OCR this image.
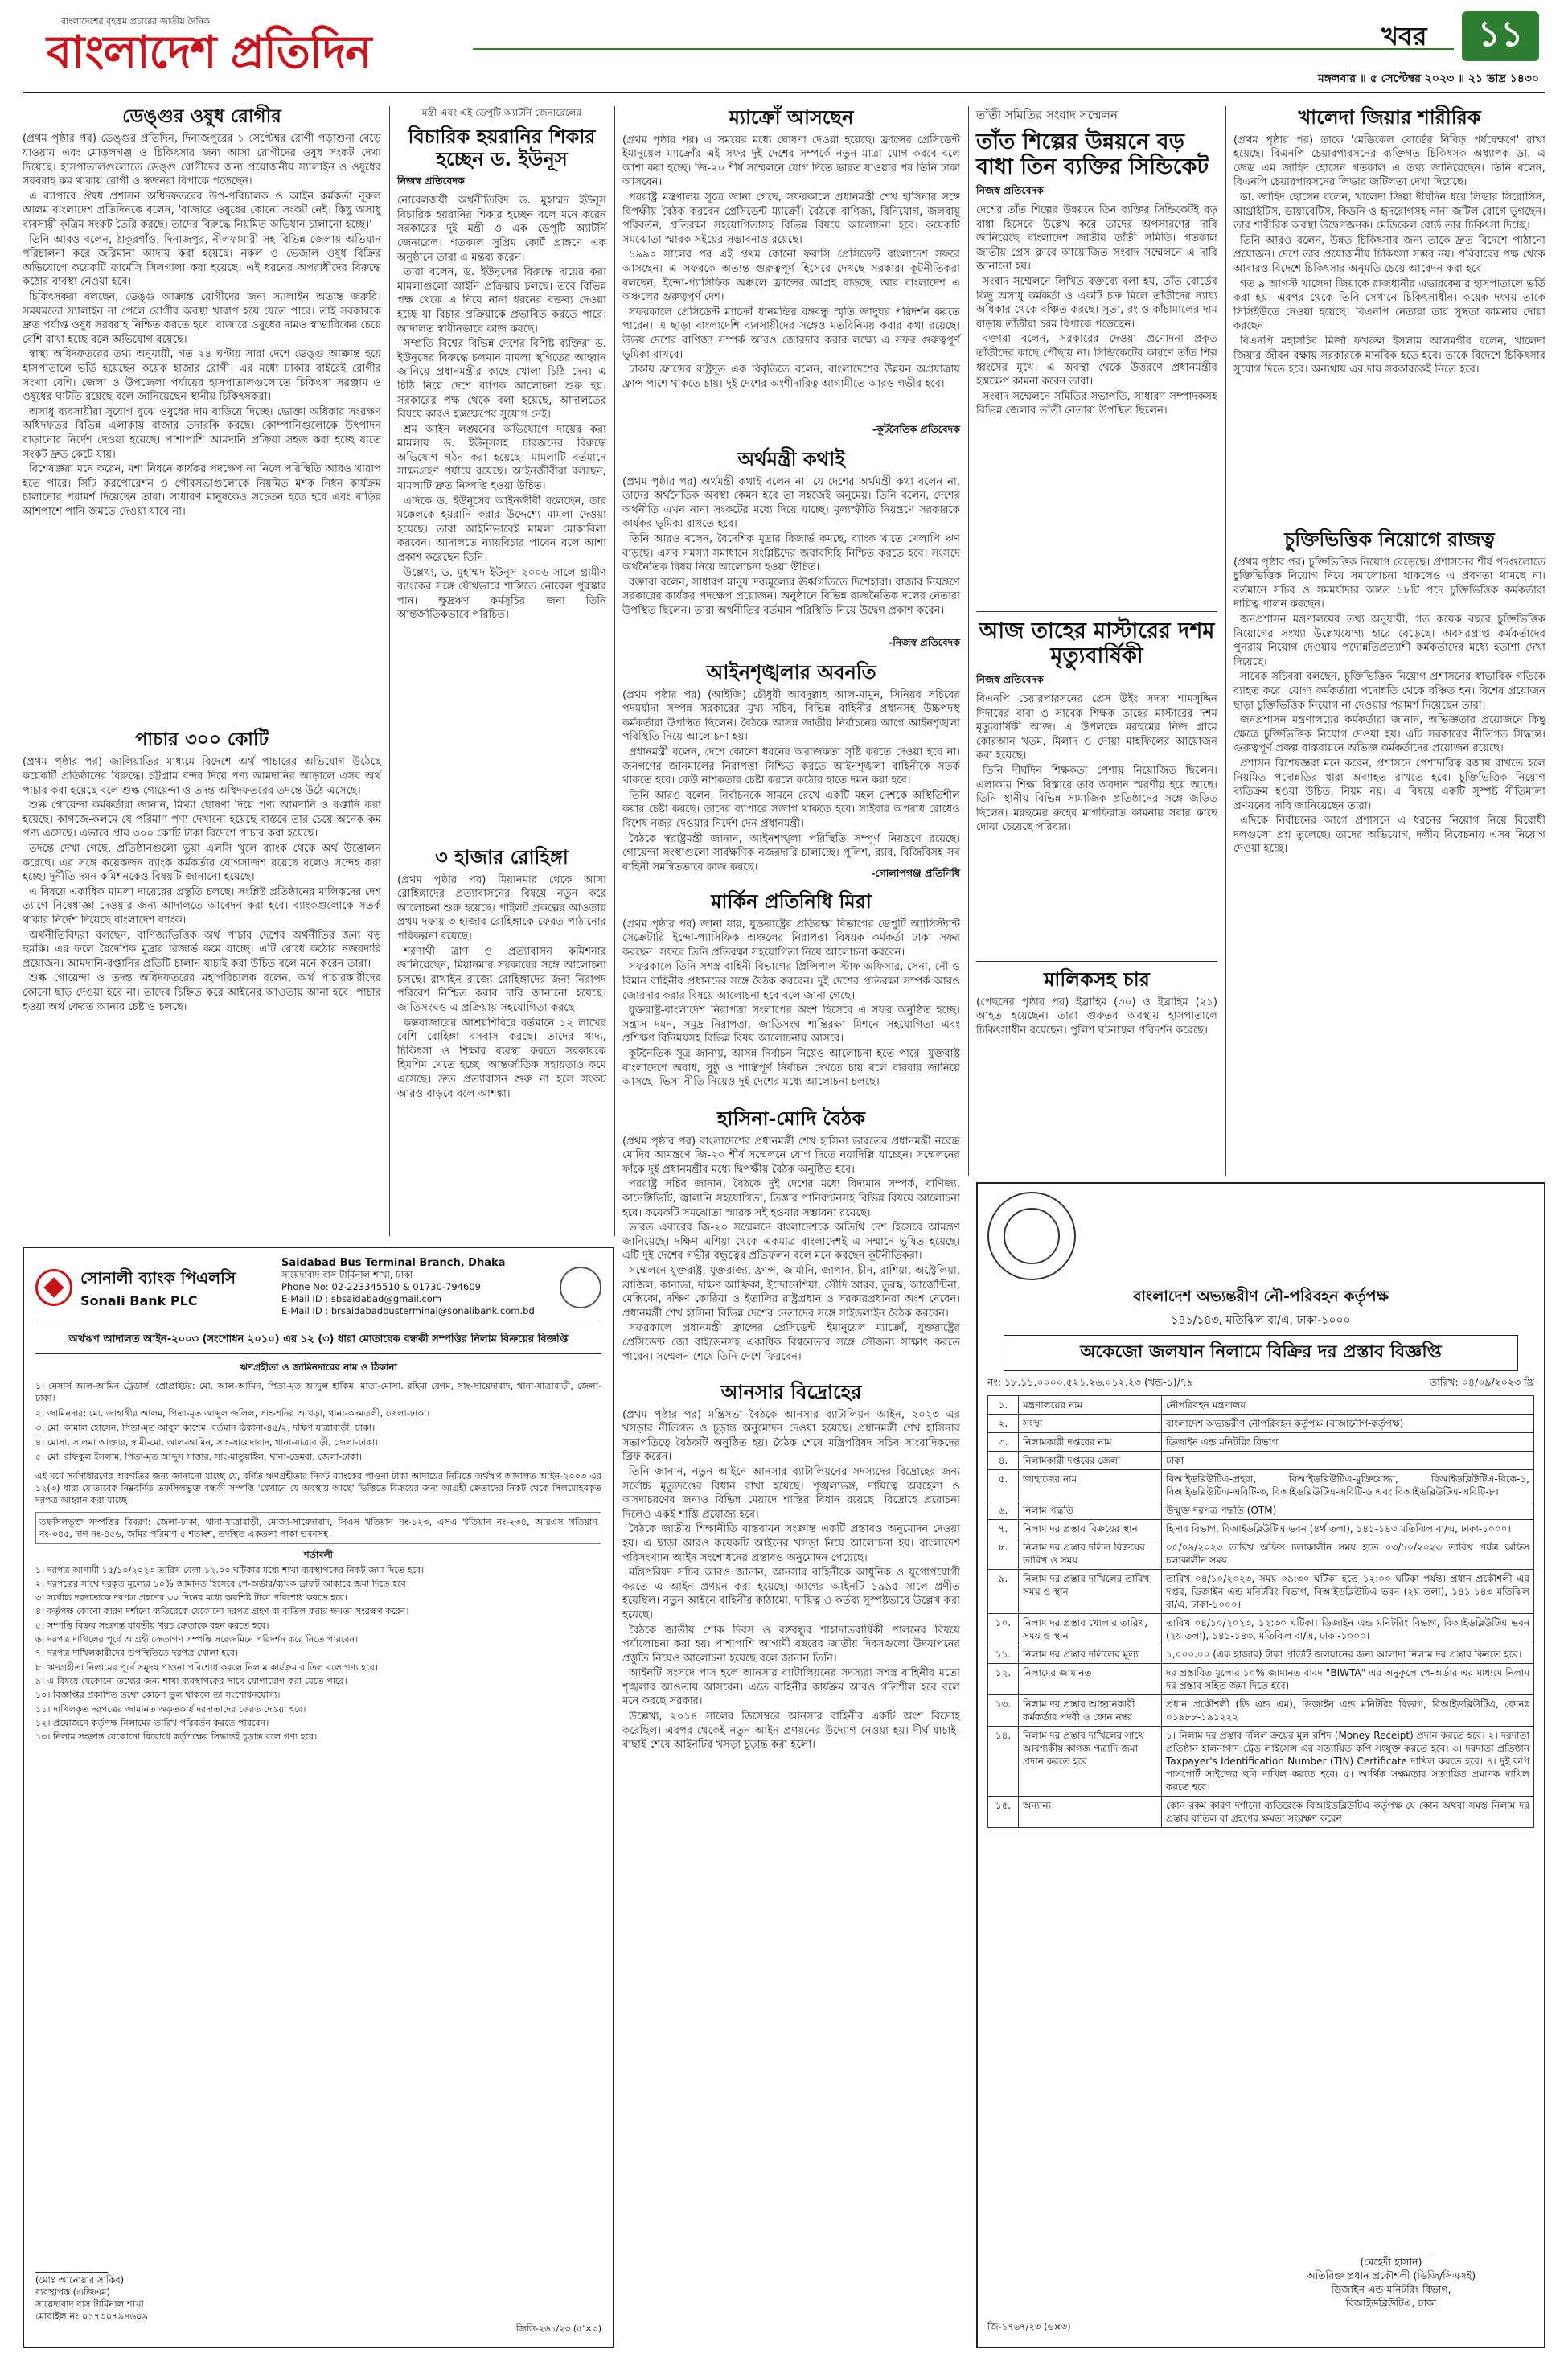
বাংলাদেশের বৃহত্তম প্রচারের জাতীয় দৈনিক
বাংলাদেশ প্রতিদিন	খবর ১১
মঙ্গলবার ॥ ৫ সেপ্টেম্বর ২০২৩ ॥ ২১ ভাদ্র ১৪৩০
ডেঙ্গুর ওষুধ রোগীর

(প্রথম পৃষ্ঠার পর) ডেঙ্গুর প্রতিদিন, দিনাজপুরের ১ সেপ্টেম্বর রোগী পড়াশুনা বেড়ে যাওয়ায় এবং মোড়লগঞ্জ ও চিকিৎসার জন্য আসা রোগীদের ওষুধ সংকট দেখা দিয়েছে। হাসপাতালগুলোতে ডেঙ্গু রোগীদের জন্য প্রয়োজনীয় স্যালাইন ও ওষুধের সরবরাহ কম থাকায় রোগী ও স্বজনরা বিপাকে পড়েছেন।

এ ব্যাপারে ঔষধ প্রশাসন অধিদফতরের উপ-পরিচালক ও আইন কর্মকর্তা নূরুল আলম বাংলাদেশ প্রতিদিনকে বলেন, 'বাজারে ওষুধের কোনো সংকট নেই। কিছু অসাধু ব্যবসায়ী কৃত্রিম সংকট তৈরি করছে। তাদের বিরুদ্ধে নিয়মিত অভিযান চালানো হচ্ছে।'

তিনি আরও বলেন, ঠাকুরগাঁও, দিনাজপুর, নীলফামারী সহ বিভিন্ন জেলায় অভিযান পরিচালনা করে জরিমানা আদায় করা হয়েছে। নকল ও ভেজাল ওষুধ বিক্রির অভিযোগে কয়েকটি ফার্মেসি সিলগালা করা হয়েছে। এই ধরনের অপরাধীদের বিরুদ্ধে কঠোর ব্যবস্থা নেওয়া হবে।

চিকিৎসকরা বলছেন, ডেঙ্গু আক্রান্ত রোগীদের জন্য স্যালাইন অত্যন্ত জরুরি। সময়মতো স্যালাইন না পেলে রোগীর অবস্থা খারাপ হয়ে যেতে পারে। তাই সরকারকে দ্রুত পর্যাপ্ত ওষুধ সরবরাহ নিশ্চিত করতে হবে। বাজারে ওষুধের দামও স্বাভাবিকের চেয়ে বেশি রাখা হচ্ছে বলে অভিযোগ রয়েছে।

স্বাস্থ্য অধিদফতরের তথ্য অনুযায়ী, গত ২৪ ঘণ্টায় সারা দেশে ডেঙ্গু আক্রান্ত হয়ে হাসপাতালে ভর্তি হয়েছেন কয়েক হাজার রোগী। এর মধ্যে ঢাকার বাইরেই রোগীর সংখ্যা বেশি। জেলা ও উপজেলা পর্যায়ের হাসপাতালগুলোতে চিকিৎসা সরঞ্জাম ও ওষুধের ঘাটতি রয়েছে বলে জানিয়েছেন স্থানীয় চিকিৎসকরা।

অসাধু ব্যবসায়ীরা সুযোগ বুঝে ওষুধের দাম বাড়িয়ে দিচ্ছে। ভোক্তা অধিকার সংরক্ষণ অধিদফতর বিভিন্ন এলাকায় বাজার তদারকি করছে। কোম্পানিগুলোকে উৎপাদন বাড়ানোর নির্দেশ দেওয়া হয়েছে। পাশাপাশি আমদানি প্রক্রিয়া সহজ করা হচ্ছে যাতে সংকট দ্রুত কেটে যায়।

বিশেষজ্ঞরা মনে করেন, মশা নিধনে কার্যকর পদক্ষেপ না নিলে পরিস্থিতি আরও খারাপ হতে পারে। সিটি করপোরেশন ও পৌরসভাগুলোকে নিয়মিত মশক নিধন কার্যক্রম চালানোর পরামর্শ দিয়েছেন তারা। সাধারণ মানুষকেও সচেতন হতে হবে এবং বাড়ির আশপাশে পানি জমতে দেওয়া যাবে না।

পাচার ৩০০ কোটি

(প্রথম পৃষ্ঠার পর) জালিয়াতির মাধ্যমে বিদেশে অর্থ পাচারের অভিযোগ উঠেছে কয়েকটি প্রতিষ্ঠানের বিরুদ্ধে। চট্টগ্রাম বন্দর দিয়ে পণ্য আমদানির আড়ালে এসব অর্থ পাচার করা হয়েছে বলে শুল্ক গোয়েন্দা ও তদন্ত অধিদফতরের তদন্তে উঠে এসেছে।

শুল্ক গোয়েন্দা কর্মকর্তারা জানান, মিথ্যা ঘোষণা দিয়ে পণ্য আমদানি ও রপ্তানি করা হয়েছে। কাগজে-কলমে যে পরিমাণ পণ্য দেখানো হয়েছে বাস্তবে তার চেয়ে অনেক কম পণ্য এসেছে। এভাবে প্রায় ৩০০ কোটি টাকা বিদেশে পাচার করা হয়েছে।

তদন্তে দেখা গেছে, প্রতিষ্ঠানগুলো ভুয়া এলসি খুলে ব্যাংক থেকে অর্থ উত্তোলন করেছে। এর সঙ্গে কয়েকজন ব্যাংক কর্মকর্তার যোগসাজশ রয়েছে বলেও সন্দেহ করা হচ্ছে। দুর্নীতি দমন কমিশনকেও বিষয়টি জানানো হয়েছে।

এ বিষয়ে একাধিক মামলা দায়েরের প্রস্তুতি চলছে। সংশ্লিষ্ট প্রতিষ্ঠানের মালিকদের দেশ ত্যাগে নিষেধাজ্ঞা দেওয়ার জন্য আদালতে আবেদন করা হবে। ব্যাংকগুলোকে সতর্ক থাকার নির্দেশ দিয়েছে বাংলাদেশ ব্যাংক।

অর্থনীতিবিদরা বলছেন, বাণিজ্যভিত্তিক অর্থ পাচার দেশের অর্থনীতির জন্য বড় হুমকি। এর ফলে বৈদেশিক মুদ্রার রিজার্ভ কমে যাচ্ছে। এটি রোধে কঠোর নজরদারি প্রয়োজন। আমদানি-রপ্তানির প্রতিটি চালান যাচাই করা উচিত বলে মনে করেন তারা।

শুল্ক গোয়েন্দা ও তদন্ত অধিদফতরের মহাপরিচালক বলেন, অর্থ পাচারকারীদের কোনো ছাড় দেওয়া হবে না। তাদের চিহ্নিত করে আইনের আওতায় আনা হবে। পাচার হওয়া অর্থ ফেরত আনার চেষ্টাও চলছে।

মন্ত্রী এবং এই ডেপুটি অ্যাটর্নি জেনারেলের
বিচারিক হয়রানির শিকার হচ্ছেন ড. ইউনূস
নিজস্ব প্রতিবেদক

নোবেলজয়ী অর্থনীতিবিদ ড. মুহাম্মদ ইউনূস বিচারিক হয়রানির শিকার হচ্ছেন বলে মনে করেন সরকারের দুই মন্ত্রী ও এক ডেপুটি অ্যাটর্নি জেনারেল। গতকাল সুপ্রিম কোর্ট প্রাঙ্গণে এক অনুষ্ঠানে তারা এ মন্তব্য করেন।

তারা বলেন, ড. ইউনূসের বিরুদ্ধে দায়ের করা মামলাগুলো আইনি প্রক্রিয়ায় চলছে। তবে বিভিন্ন পক্ষ থেকে এ নিয়ে নানা ধরনের বক্তব্য দেওয়া হচ্ছে যা বিচার প্রক্রিয়াকে প্রভাবিত করতে পারে। আদালত স্বাধীনভাবে কাজ করছে।

সম্প্রতি বিশ্বের বিভিন্ন দেশের বিশিষ্ট ব্যক্তিরা ড. ইউনূসের বিরুদ্ধে চলমান মামলা স্থগিতের আহ্বান জানিয়ে প্রধানমন্ত্রীর কাছে খোলা চিঠি দেন। এ চিঠি নিয়ে দেশে ব্যাপক আলোচনা শুরু হয়। সরকারের পক্ষ থেকে বলা হয়েছে, আদালতের বিষয়ে কারও হস্তক্ষেপের সুযোগ নেই।

শ্রম আইন লঙ্ঘনের অভিযোগে দায়ের করা মামলায় ড. ইউনূসসহ চারজনের বিরুদ্ধে অভিযোগ গঠন করা হয়েছে। মামলাটি বর্তমানে সাক্ষ্যগ্রহণ পর্যায়ে রয়েছে। আইনজীবীরা বলছেন, মামলাটি দ্রুত নিষ্পত্তি হওয়া উচিত।

এদিকে ড. ইউনূসের আইনজীবী বলেছেন, তার মক্কেলকে হয়রানি করার উদ্দেশ্যে মামলা দেওয়া হয়েছে। তারা আইনিভাবেই মামলা মোকাবিলা করবেন। আদালতে ন্যায়বিচার পাবেন বলে আশা প্রকাশ করেছেন তিনি।

উল্লেখ্য, ড. মুহাম্মদ ইউনূস ২০০৬ সালে গ্রামীণ ব্যাংকের সঙ্গে যৌথভাবে শান্তিতে নোবেল পুরস্কার পান। ক্ষুদ্রঋণ কর্মসূচির জন্য তিনি আন্তর্জাতিকভাবে পরিচিত।

৩ হাজার রোহিঙ্গা

(প্রথম পৃষ্ঠার পর) মিয়ানমার থেকে আসা রোহিঙ্গাদের প্রত্যাবাসনের বিষয়ে নতুন করে আলোচনা শুরু হয়েছে। পাইলট প্রকল্পের আওতায় প্রথম দফায় ৩ হাজার রোহিঙ্গাকে ফেরত পাঠানোর পরিকল্পনা রয়েছে।

শরণার্থী ত্রাণ ও প্রত্যাবাসন কমিশনার জানিয়েছেন, মিয়ানমার সরকারের সঙ্গে আলোচনা চলছে। রাখাইন রাজ্যে রোহিঙ্গাদের জন্য নিরাপদ পরিবেশ নিশ্চিত করার দাবি জানানো হয়েছে। জাতিসংঘও এ প্রক্রিয়ায় সহযোগিতা করছে।

কক্সবাজারের আশ্রয়শিবিরে বর্তমানে ১২ লাখের বেশি রোহিঙ্গা বসবাস করছে। তাদের খাদ্য, চিকিৎসা ও শিক্ষার ব্যবস্থা করতে সরকারকে হিমশিম খেতে হচ্ছে। আন্তর্জাতিক সহায়তাও কমে এসেছে। দ্রুত প্রত্যাবাসন শুরু না হলে সংকট আরও বাড়বে বলে আশঙ্কা।

ম্যাক্রোঁ আসছেন

(প্রথম পৃষ্ঠার পর) এ সময়ের মধ্যে ঘোষণা দেওয়া হয়েছে। ফ্রান্সের প্রেসিডেন্ট ইমানুয়েল ম্যাক্রোঁর এই সফর দুই দেশের সম্পর্কে নতুন মাত্রা যোগ করবে বলে আশা করা হচ্ছে। জি-২০ শীর্ষ সম্মেলনে যোগ দিতে ভারত যাওয়ার পর তিনি ঢাকা আসবেন।

পররাষ্ট্র মন্ত্রণালয় সূত্রে জানা গেছে, সফরকালে প্রধানমন্ত্রী শেখ হাসিনার সঙ্গে দ্বিপক্ষীয় বৈঠক করবেন প্রেসিডেন্ট ম্যাক্রোঁ। বৈঠকে বাণিজ্য, বিনিয়োগ, জলবায়ু পরিবর্তন, প্রতিরক্ষা সহযোগিতাসহ বিভিন্ন বিষয়ে আলোচনা হবে। কয়েকটি সমঝোতা স্মারক সইয়ের সম্ভাবনাও রয়েছে।

১৯৯০ সালের পর এই প্রথম কোনো ফরাসি প্রেসিডেন্ট বাংলাদেশ সফরে আসছেন। এ সফরকে অত্যন্ত গুরুত্বপূর্ণ হিসেবে দেখছে সরকার। কূটনীতিকরা বলছেন, ইন্দো-প্যাসিফিক অঞ্চলে ফ্রান্সের আগ্রহ বাড়ছে, আর বাংলাদেশ এ অঞ্চলের গুরুত্বপূর্ণ দেশ।

সফরকালে প্রেসিডেন্ট ম্যাক্রোঁ ধানমন্ডির বঙ্গবন্ধু স্মৃতি জাদুঘর পরিদর্শন করতে পারেন। এ ছাড়া বাংলাদেশি ব্যবসায়ীদের সঙ্গেও মতবিনিময় করার কথা রয়েছে। উভয় দেশের বাণিজ্য সম্পর্ক আরও জোরদার করার লক্ষ্যে এ সফর গুরুত্বপূর্ণ ভূমিকা রাখবে।

ঢাকায় ফ্রান্সের রাষ্ট্রদূত এক বিবৃতিতে বলেন, বাংলাদেশের উন্নয়ন অগ্রযাত্রায় ফ্রান্স পাশে থাকতে চায়। দুই দেশের অংশীদারিত্ব আগামীতে আরও গভীর হবে।

-কূটনৈতিক প্রতিবেদক
অর্থমন্ত্রী কথাই

(প্রথম পৃষ্ঠার পর) অর্থমন্ত্রী কথাই বলেন না। যে দেশের অর্থমন্ত্রী কথা বলেন না, তাদের অর্থনৈতিক অবস্থা কেমন হবে তা সহজেই অনুমেয়। তিনি বলেন, দেশের অর্থনীতি এখন নানা সংকটের মধ্যে দিয়ে যাচ্ছে। মূল্যস্ফীতি নিয়ন্ত্রণে সরকারকে কার্যকর ভূমিকা রাখতে হবে।

তিনি আরও বলেন, বৈদেশিক মুদ্রার রিজার্ভ কমছে, ব্যাংক খাতে খেলাপি ঋণ বাড়ছে। এসব সমস্যা সমাধানে সংশ্লিষ্টদের জবাবদিহি নিশ্চিত করতে হবে। সংসদে অর্থনৈতিক বিষয় নিয়ে আলোচনা হওয়া উচিত।

বক্তারা বলেন, সাধারণ মানুষ দ্রব্যমূল্যের ঊর্ধ্বগতিতে দিশেহারা। বাজার নিয়ন্ত্রণে সরকারের কার্যকর পদক্ষেপ প্রয়োজন। অনুষ্ঠানে বিভিন্ন রাজনৈতিক দলের নেতারা উপস্থিত ছিলেন। তারা অর্থনীতির বর্তমান পরিস্থিতি নিয়ে উদ্বেগ প্রকাশ করেন।

-নিজস্ব প্রতিবেদক
আইনশৃঙ্খলার অবনতি

(প্রথম পৃষ্ঠার পর) (আইজি) চৌধুরী আবদুল্লাহ আল-মামুন, সিনিয়র সচিবের পদমর্যাদা সম্পন্ন সরকারের মুখ্য সচিব, বিভিন্ন বাহিনীর প্রধানসহ উচ্চপদস্থ কর্মকর্তারা উপস্থিত ছিলেন। বৈঠকে আসন্ন জাতীয় নির্বাচনের আগে আইনশৃঙ্খলা পরিস্থিতি নিয়ে আলোচনা হয়।

প্রধানমন্ত্রী বলেন, দেশে কোনো ধরনের অরাজকতা সৃষ্টি করতে দেওয়া হবে না। জনগণের জানমালের নিরাপত্তা নিশ্চিত করতে আইনশৃঙ্খলা বাহিনীকে সতর্ক থাকতে হবে। কেউ নাশকতার চেষ্টা করলে কঠোর হাতে দমন করা হবে।

তিনি আরও বলেন, নির্বাচনকে সামনে রেখে একটি মহল দেশকে অস্থিতিশীল করার চেষ্টা করছে। তাদের ব্যাপারে সজাগ থাকতে হবে। সাইবার অপরাধ রোধেও বিশেষ নজর দেওয়ার নির্দেশ দেন প্রধানমন্ত্রী।

বৈঠকে স্বরাষ্ট্রমন্ত্রী জানান, আইনশৃঙ্খলা পরিস্থিতি সম্পূর্ণ নিয়ন্ত্রণে রয়েছে। গোয়েন্দা সংস্থাগুলো সার্বক্ষণিক নজরদারি চালাচ্ছে। পুলিশ, র‍্যাব, বিজিবিসহ সব বাহিনী সমন্বিতভাবে কাজ করছে।	-গোলাপগঞ্জ প্রতিনিধি
মার্কিন প্রতিনিধি মিরা

(প্রথম পৃষ্ঠার পর) জানা যায়, যুক্তরাষ্ট্রের প্রতিরক্ষা বিভাগের ডেপুটি অ্যাসিস্ট্যান্ট সেক্রেটারি ইন্দো-প্যাসিফিক অঞ্চলের নিরাপত্তা বিষয়ক কর্মকর্তা ঢাকা সফর করছেন। সফরে তিনি প্রতিরক্ষা সহযোগিতা নিয়ে আলোচনা করবেন।

সফরকালে তিনি সশস্ত্র বাহিনী বিভাগের প্রিন্সিপাল স্টাফ অফিসার, সেনা, নৌ ও বিমান বাহিনীর প্রধানদের সঙ্গে বৈঠক করবেন। দুই দেশের প্রতিরক্ষা সম্পর্ক আরও জোরদার করার বিষয়ে আলোচনা হবে বলে জানা গেছে।

যুক্তরাষ্ট্র-বাংলাদেশ নিরাপত্তা সংলাপের অংশ হিসেবে এ সফর অনুষ্ঠিত হচ্ছে। সন্ত্রাস দমন, সমুদ্র নিরাপত্তা, জাতিসংঘ শান্তিরক্ষা মিশনে সহযোগিতা এবং প্রশিক্ষণ বিনিময়সহ বিভিন্ন বিষয় আলোচনায় আসবে।

কূটনৈতিক সূত্র জানায়, আসন্ন নির্বাচন নিয়েও আলোচনা হতে পারে। যুক্তরাষ্ট্র বাংলাদেশে অবাধ, সুষ্ঠু ও শান্তিপূর্ণ নির্বাচন দেখতে চায় বলে বারবার জানিয়ে আসছে। ভিসা নীতি নিয়েও দুই দেশের মধ্যে আলোচনা চলছে।

হাসিনা-মোদি বৈঠক

(প্রথম পৃষ্ঠার পর) বাংলাদেশের প্রধানমন্ত্রী শেখ হাসিনা ভারতের প্রধানমন্ত্রী নরেন্দ্র মোদির আমন্ত্রণে জি-২০ শীর্ষ সম্মেলনে যোগ দিতে নয়াদিল্লি যাচ্ছেন। সম্মেলনের ফাঁকে দুই প্রধানমন্ত্রীর মধ্যে দ্বিপক্ষীয় বৈঠক অনুষ্ঠিত হবে।

পররাষ্ট্র সচিব জানান, বৈঠকে দুই দেশের মধ্যে বিদ্যমান সম্পর্ক, বাণিজ্য, কানেক্টিভিটি, জ্বালানি সহযোগিতা, তিস্তার পানিবণ্টনসহ বিভিন্ন বিষয়ে আলোচনা হবে। কয়েকটি সমঝোতা স্মারক সই হওয়ার সম্ভাবনা রয়েছে।

ভারত এবারের জি-২০ সম্মেলনে বাংলাদেশকে অতিথি দেশ হিসেবে আমন্ত্রণ জানিয়েছে। দক্ষিণ এশিয়া থেকে একমাত্র বাংলাদেশই এ সম্মানে ভূষিত হয়েছে। এটি দুই দেশের গভীর বন্ধুত্বের প্রতিফলন বলে মনে করছেন কূটনীতিকরা।

সম্মেলনে যুক্তরাষ্ট্র, যুক্তরাজ্য, ফ্রান্স, জার্মানি, জাপান, চীন, রাশিয়া, অস্ট্রেলিয়া, ব্রাজিল, কানাডা, দক্ষিণ আফ্রিকা, ইন্দোনেশিয়া, সৌদি আরব, তুরস্ক, আর্জেন্টিনা, মেক্সিকো, দক্ষিণ কোরিয়া ও ইতালির রাষ্ট্রপ্রধান ও সরকারপ্রধানরা অংশ নেবেন। প্রধানমন্ত্রী শেখ হাসিনা বিভিন্ন দেশের নেতাদের সঙ্গে সাইডলাইন বৈঠক করবেন।

সফরকালে প্রধানমন্ত্রী ফ্রান্সের প্রেসিডেন্ট ইমানুয়েল ম্যাক্রোঁ, যুক্তরাষ্ট্রের প্রেসিডেন্ট জো বাইডেনসহ একাধিক বিশ্বনেতার সঙ্গে সৌজন্য সাক্ষাৎ করতে পারেন। সম্মেলন শেষে তিনি দেশে ফিরবেন।

আনসার বিদ্রোহের

(প্রথম পৃষ্ঠার পর) মন্ত্রিসভা বৈঠকে আনসার ব্যাটালিয়ন আইন, ২০২৩ এর খসড়ার নীতিগত ও চূড়ান্ত অনুমোদন দেওয়া হয়েছে। প্রধানমন্ত্রী শেখ হাসিনার সভাপতিত্বে বৈঠকটি অনুষ্ঠিত হয়। বৈঠক শেষে মন্ত্রিপরিষদ সচিব সাংবাদিকদের ব্রিফ করেন।

তিনি জানান, নতুন আইনে আনসার ব্যাটালিয়নের সদস্যদের বিদ্রোহের জন্য সর্বোচ্চ মৃত্যুদণ্ডের বিধান রাখা হয়েছে। শৃঙ্খলাভঙ্গ, দায়িত্বে অবহেলা ও অসদাচরণের জন্যও বিভিন্ন মেয়াদে শাস্তির বিধান রয়েছে। বিদ্রোহে প্ররোচনা দিলেও একই শাস্তি প্রযোজ্য হবে।

বৈঠকে জাতীয় শিক্ষানীতি বাস্তবায়ন সংক্রান্ত একটি প্রস্তাবও অনুমোদন দেওয়া হয়। এ ছাড়া আরও কয়েকটি আইনের খসড়া নিয়ে আলোচনা হয়। বাংলাদেশ পরিসংখ্যান আইন সংশোধনের প্রস্তাবও অনুমোদন পেয়েছে।

মন্ত্রিপরিষদ সচিব আরও জানান, আনসার বাহিনীকে আধুনিক ও যুগোপযোগী করতে এ আইন প্রণয়ন করা হয়েছে। আগের আইনটি ১৯৯৫ সালে প্রণীত হয়েছিল। নতুন আইনে বাহিনীর কাঠামো, দায়িত্ব ও কর্তব্য সুস্পষ্টভাবে উল্লেখ করা হয়েছে।

বৈঠকে জাতীয় শোক দিবস ও বঙ্গবন্ধুর শাহাদাতবার্ষিকী পালনের বিষয়ে পর্যালোচনা করা হয়। পাশাপাশি আগামী বছরের জাতীয় দিবসগুলো উদযাপনের প্রস্তুতি নিয়েও আলোচনা হয়েছে বলে জানান তিনি।

আইনটি সংসদে পাস হলে আনসার ব্যাটালিয়নের সদস্যরা সশস্ত্র বাহিনীর মতো শৃঙ্খলার আওতায় আসবেন। এতে বাহিনীর কার্যক্রম আরও গতিশীল হবে বলে মনে করছে সরকার।

উল্লেখ্য, ২০১৪ সালের ডিসেম্বরে আনসার বাহিনীর একটি অংশ বিদ্রোহ করেছিল। এরপর থেকেই নতুন আইন প্রণয়নের উদ্যোগ নেওয়া হয়। দীর্ঘ যাচাই-বাছাই শেষে আইনটির খসড়া চূড়ান্ত করা হলো।

তাঁতী সমিতির সংবাদ সম্মেলন
তাঁত শিল্পের উন্নয়নে বড় বাধা তিন ব্যক্তির সিন্ডিকেট
নিজস্ব প্রতিবেদক

দেশের তাঁত শিল্পের উন্নয়নে তিন ব্যক্তির সিন্ডিকেটই বড় বাধা হিসেবে উল্লেখ করে তাদের অপসারণের দাবি জানিয়েছে বাংলাদেশ জাতীয় তাঁতী সমিতি। গতকাল জাতীয় প্রেস ক্লাবে আয়োজিত সংবাদ সম্মেলনে এ দাবি জানানো হয়।

সংবাদ সম্মেলনে লিখিত বক্তব্যে বলা হয়, তাঁত বোর্ডের কিছু অসাধু কর্মকর্তা ও একটি চক্র মিলে তাঁতীদের ন্যায্য অধিকার থেকে বঞ্চিত করছে। সুতা, রং ও কাঁচামালের দাম বাড়ায় তাঁতীরা চরম বিপাকে পড়েছেন।

বক্তারা বলেন, সরকারের দেওয়া প্রণোদনা প্রকৃত তাঁতীদের কাছে পৌঁছায় না। সিন্ডিকেটের কারণে তাঁত শিল্প ধ্বংসের মুখে। এ অবস্থা থেকে উত্তরণে প্রধানমন্ত্রীর হস্তক্ষেপ কামনা করেন তারা।

সংবাদ সম্মেলনে সমিতির সভাপতি, সাধারণ সম্পাদকসহ বিভিন্ন জেলার তাঁতী নেতারা উপস্থিত ছিলেন।

আজ তাহের মাস্টারের দশম মৃত্যুবার্ষিকী
নিজস্ব প্রতিবেদক

বিএনপি চেয়ারপারসনের প্রেস উইং সদস্য শামসুদ্দিন দিদারের বাবা ও সাবেক শিক্ষক তাহের মাস্টারের দশম মৃত্যুবার্ষিকী আজ। এ উপলক্ষে মরহুমের নিজ গ্রামে কোরআন খতম, মিলাদ ও দোয়া মাহফিলের আয়োজন করা হয়েছে।

তিনি দীর্ঘদিন শিক্ষকতা পেশায় নিয়োজিত ছিলেন। এলাকায় শিক্ষা বিস্তারে তার অবদান স্মরণীয় হয়ে আছে। তিনি স্থানীয় বিভিন্ন সামাজিক প্রতিষ্ঠানের সঙ্গে জড়িত ছিলেন। মরহুমের রুহের মাগফিরাত কামনায় সবার কাছে দোয়া চেয়েছে পরিবার।

মালিকসহ চার

(পেছনের পৃষ্ঠার পর) ইব্রাহিম (৩০) ও ইব্রাহিম (২১) আহত হয়েছেন। তারা গুরুতর অবস্থায় হাসপাতালে চিকিৎসাধীন রয়েছেন। পুলিশ ঘটনাস্থল পরিদর্শন করেছে।

খালেদা জিয়ার শারীরিক

(প্রথম পৃষ্ঠার পর) তাকে 'মেডিকেল বোর্ডের নিবিড় পর্যবেক্ষণে' রাখা হয়েছে। বিএনপি চেয়ারপারসনের ব্যক্তিগত চিকিৎসক অধ্যাপক ডা. এ জেড এম জাহিদ হোসেন গতকাল এ তথ্য জানিয়েছেন। তিনি বলেন, বিএনপি চেয়ারপারসনের লিভার জটিলতা দেখা দিয়েছে।

ডা. জাহিদ হোসেন বলেন, খালেদা জিয়া দীর্ঘদিন ধরে লিভার সিরোসিস, আর্থ্রাইটিস, ডায়াবেটিস, কিডনি ও হৃদরোগসহ নানা জটিল রোগে ভুগছেন। তার শারীরিক অবস্থা উদ্বেগজনক। মেডিকেল বোর্ড তার চিকিৎসা দিচ্ছে।

তিনি আরও বলেন, উন্নত চিকিৎসার জন্য তাকে দ্রুত বিদেশে পাঠানো প্রয়োজন। দেশে তার প্রয়োজনীয় চিকিৎসা সম্ভব নয়। পরিবারের পক্ষ থেকে আবারও বিদেশে চিকিৎসার অনুমতি চেয়ে আবেদন করা হবে।

গত ৯ আগস্ট খালেদা জিয়াকে রাজধানীর এভারকেয়ার হাসপাতালে ভর্তি করা হয়। এরপর থেকে তিনি সেখানে চিকিৎসাধীন। কয়েক দফায় তাকে সিসিইউতে নেওয়া হয়েছে। বিএনপি নেতারা তার সুস্থতা কামনায় দোয়া করছেন।

বিএনপি মহাসচিব মির্জা ফখরুল ইসলাম আলমগীর বলেন, খালেদা জিয়ার জীবন রক্ষায় সরকারকে মানবিক হতে হবে। তাকে বিদেশে চিকিৎসার সুযোগ দিতে হবে। অন্যথায় এর দায় সরকারকেই নিতে হবে।

চুক্তিভিত্তিক নিয়োগে রাজত্ব

(প্রথম পৃষ্ঠার পর) চুক্তিভিত্তিক নিয়োগ বেড়েছে। প্রশাসনের শীর্ষ পদগুলোতে চুক্তিভিত্তিক নিয়োগ নিয়ে সমালোচনা থাকলেও এ প্রবণতা থামছে না। বর্তমানে সচিব ও সমমর্যাদার অন্তত ১৮টি পদে চুক্তিভিত্তিক কর্মকর্তারা দায়িত্ব পালন করছেন।

জনপ্রশাসন মন্ত্রণালয়ের তথ্য অনুযায়ী, গত কয়েক বছরে চুক্তিভিত্তিক নিয়োগের সংখ্যা উল্লেখযোগ্য হারে বেড়েছে। অবসরপ্রাপ্ত কর্মকর্তাদের পুনরায় নিয়োগ দেওয়ায় পদোন্নতিপ্রত্যাশী কর্মকর্তাদের মধ্যে হতাশা দেখা দিয়েছে।

সাবেক সচিবরা বলছেন, চুক্তিভিত্তিক নিয়োগ প্রশাসনের স্বাভাবিক গতিকে ব্যাহত করে। যোগ্য কর্মকর্তারা পদোন্নতি থেকে বঞ্চিত হন। বিশেষ প্রয়োজন ছাড়া চুক্তিভিত্তিক নিয়োগ না দেওয়ার পরামর্শ দিয়েছেন তারা।

জনপ্রশাসন মন্ত্রণালয়ের কর্মকর্তারা জানান, অভিজ্ঞতার প্রয়োজনে কিছু ক্ষেত্রে চুক্তিভিত্তিক নিয়োগ দেওয়া হয়। এটি সরকারের নীতিগত সিদ্ধান্ত। গুরুত্বপূর্ণ প্রকল্প বাস্তবায়নে অভিজ্ঞ কর্মকর্তাদের প্রয়োজন রয়েছে।

প্রশাসন বিশেষজ্ঞরা মনে করেন, প্রশাসনে পেশাদারিত্ব বজায় রাখতে হলে নিয়মিত পদোন্নতির ধারা অব্যাহত রাখতে হবে। চুক্তিভিত্তিক নিয়োগ ব্যতিক্রম হওয়া উচিত, নিয়ম নয়। এ বিষয়ে একটি সুস্পষ্ট নীতিমালা প্রণয়নের দাবি জানিয়েছেন তারা।

এদিকে নির্বাচনের আগে প্রশাসনে এ ধরনের নিয়োগ নিয়ে বিরোধী দলগুলো প্রশ্ন তুলেছে। তাদের অভিযোগ, দলীয় বিবেচনায় এসব নিয়োগ দেওয়া হচ্ছে।

সোনালী ব্যাংক পিএলসি
Sonali Bank PLC
Saidabad Bus Terminal Branch, Dhaka
সায়েদাবাদ বাস টার্মিনাল শাখা, ঢাকা
Phone No: 02-223345510 & 01730-794609
E-Mail ID : sbsaidabad@gmail.com
E-Mail ID : brsaidabadbusterminal@sonalibank.com.bd
অর্থঋণ আদালত আইন-২০০৩ (সংশোধন ২০১০) এর ১২ (৩) ধারা মোতাবেক বন্ধকী সম্পত্তির নিলাম বিক্রয়ের বিজ্ঞপ্তি
ঋণগ্রহীতা ও জামিনদারের নাম ও ঠিকানা

১। মেসার্স আল-আমিন ট্রেডার্স, প্রোপ্রাইটর: মো. আল-আমিন, পিতা-মৃত আব্দুল হাকিম, মাতা-মোসা. রহিমা বেগম, সাং-সায়েদাবাদ, থানা-যাত্রাবাড়ী, জেলা-ঢাকা।

২। জামিনদার: মো. জাহাঙ্গীর আলম, পিতা-মৃত আব্দুল জলিল, সাং-শনির আখড়া, থানা-কদমতলী, জেলা-ঢাকা।

৩। মো. কামাল হোসেন, পিতা-মৃত আবুল কাশেম, বর্তমান ঠিকানা-৪৫/২, দক্ষিণ যাত্রাবাড়ী, ঢাকা।

৪। মোসা. সালমা আক্তার, স্বামী-মো. আল-আমিন, সাং-সায়েদাবাদ, থানা-যাত্রাবাড়ী, জেলা-ঢাকা।

৫। মো. রফিকুল ইসলাম, পিতা-মৃত আব্দুস সাত্তার, সাং-মাতুয়াইল, থানা-ডেমরা, জেলা-ঢাকা।

এই মর্মে সর্বসাধারণের অবগতির জন্য জানানো যাচ্ছে যে, বর্ণিত ঋণগ্রহীতার নিকট ব্যাংকের পাওনা টাকা আদায়ের নিমিত্তে অর্থঋণ আদালত আইন-২০০৩ এর ১২(৩) ধারা মোতাবেক নিম্নবর্ণিত তফসিলভুক্ত বন্ধকী সম্পত্তি 'যেখানে যে অবস্থায় আছে' ভিত্তিতে বিক্রয়ের জন্য আগ্রহী ক্রেতাদের নিকট থেকে সিলমোহরকৃত দরপত্র আহ্বান করা যাচ্ছে।

তফসিলভুক্ত সম্পত্তির বিবরণ: জেলা-ঢাকা, থানা-যাত্রাবাড়ী, মৌজা-সায়েদাবাদ, সিএস খতিয়ান নং-১২৩, এসএ খতিয়ান নং-২৩৪, আরএস খতিয়ান নং-৩৪৫, দাগ নং-৪৫৬, জমির পরিমাণ ৫ শতাংশ, তদস্থিত একতলা পাকা ভবনসহ।

শর্তাবলী

১। দরপত্র আগামী ১৫/১০/২০২৩ তারিখ বেলা ১২.০০ ঘটিকার মধ্যে শাখা ব্যবস্থাপকের নিকট জমা দিতে হবে।

২। দরপত্রের সাথে দরকৃত মূল্যের ১০% জামানত হিসেবে পে-অর্ডার/ব্যাংক ড্রাফট আকারে জমা দিতে হবে।

৩। সর্বোচ্চ দরদাতাকে দরপত্র গ্রহণের ৩০ দিনের মধ্যে অবশিষ্ট টাকা পরিশোধ করতে হবে।

৪। কর্তৃপক্ষ কোনো কারণ দর্শানো ব্যতিরেকে যেকোনো দরপত্র গ্রহণ বা বাতিল করার ক্ষমতা সংরক্ষণ করেন।

৫। সম্পত্তি বিক্রয় সংক্রান্ত যাবতীয় খরচ ক্রেতাকে বহন করতে হবে।

৬। দরপত্র দাখিলের পূর্বে আগ্রহী ক্রেতাগণ সম্পত্তি সরেজমিনে পরিদর্শন করে নিতে পারবেন।

৭। দরপত্র দাখিলকারীদের উপস্থিতিতে দরপত্র খোলা হবে।

৮। ঋণগ্রহীতা নিলামের পূর্বে সমুদয় পাওনা পরিশোধ করলে নিলাম কার্যক্রম বাতিল বলে গণ্য হবে।

৯। এ বিষয়ে যেকোনো তথ্যের জন্য শাখা ব্যবস্থাপকের সাথে যোগাযোগ করা যেতে পারে।

১০। বিজ্ঞপ্তির প্রকাশিত তথ্যে কোনো ভুল থাকলে তা সংশোধনযোগ্য।

১১। দাখিলকৃত দরপত্রের জামানত অকৃতকার্য দরদাতাদের ফেরত দেওয়া হবে।

১২। প্রয়োজনে কর্তৃপক্ষ নিলামের তারিখ পরিবর্তন করতে পারবেন।

১৩। নিলাম সংক্রান্ত যেকোনো বিরোধে কর্তৃপক্ষের সিদ্ধান্তই চূড়ান্ত বলে গণ্য হবে।

(মোঃ আনোয়ার সাকিব)
ব্যবস্থাপক (এজিএম)
সায়েদাবাদ বাস টার্মিনাল শাখা
মোবাইল নং ০১৭৩০৭৯৪৬০৯
জিডি-২৬১/২৩ (৫'×৩)
বাংলাদেশ অভ্যন্তরীণ নৌ-পরিবহন কর্তৃপক্ষ
১৪১/১৪৩, মতিঝিল বা/এ, ঢাকা-১০০০
অকেজো জলযান নিলামে বিক্রির দর প্রস্তাব বিজ্ঞপ্তি
নং: ১৮.১১.০০০০.৫২১.২৬.০১২.২৩ (খন্ড-১)/৭৯	তারিখ: ০৪/০৯/২০২৩ খ্রি
১.	মন্ত্রণালয়ের নাম	নৌপরিবহন মন্ত্রণালয়
২.	সংস্থা	বাংলাদেশ অভ্যন্তরীণ নৌপরিবহন কর্তৃপক্ষ (বাআনৌপ-কর্তৃপক্ষ)
৩.	নিলামকারী দপ্তরের নাম	ডিজাইন এন্ড মনিটরিং বিভাগ
৪.	নিলামকারী দপ্তরের জেলা	ঢাকা
৫.	জাহাজের নাম	বিআইডব্লিউটিএ-প্রহরা, বিআইডব্লিউটিএ-মুক্তিযোদ্ধা, বিআইডব্লিউটিএ-বিকে-১, বিআইডব্লিউটিএ-এবিটি-৩, বিআইডব্লিউটিএ-এবিটি-৬ এবং বিআইডব্লিউটিএ-এবিটি-৮।
৬.	নিলাম পদ্ধতি	উন্মুক্ত দরপত্র পদ্ধতি (OTM)
৭.	নিলাম দর প্রস্তাব বিক্রয়ের স্থান	হিসাব বিভাগ, বিআইডব্লিউটিএ ভবন (৪র্থ তলা), ১৪১-১৪৩ মতিঝিল বা/এ, ঢাকা-১০০০।
৮.	নিলাম দর প্রস্তাব দলিল বিক্রয়ের তারিখ ও সময়	০৫/০৯/২০২৩ তারিখ অফিস চলাকালীন সময় হতে ০৩/১০/২০২৩ তারিখ পর্যন্ত অফিস চলাকালীন সময়।
৯.	নিলাম দর প্রস্তাব দাখিলের তারিখ, সময় ও স্থান	তারিখ ০৪/১০/২০২৩, সময় ০৯:৩০ ঘটিকা হতে ১২:০০ ঘটিকা পর্যন্ত। প্রধান প্রকৌশলী এর দপ্তর, ডিজাইন এন্ড মনিটরিং বিভাগ, বিআইডব্লিউটিএ ভবন (২য় তলা), ১৪১-১৪৩ মতিঝিল বা/এ, ঢাকা-১০০০।
১০.	নিলাম দর প্রস্তাব খোলার তারিখ, সময় ও স্থান	তারিখ ০৪/১০/২০২৩, ১২:৩০ ঘটিকা। ডিজাইন এন্ড মনিটরিং বিভাগ, বিআইডব্লিউটিএ ভবন (২য় তলা), ১৪১-১৪৩, মতিঝিল বা/এ, ঢাকা-১০০০।
১১.	নিলাম দর প্রস্তাব দলিলের মূল্য	১,০০০.০০ (এক হাজার) টাকা প্রতিটি জলযানের জন্য আলাদা নিলাম দর প্রস্তাব কিনতে হবে।
১২.	নিলামের জামানত	দর প্রস্তাবিত মূল্যের ১০% জামানত বাবদ "BIWTA" এর অনুকূলে পে-অর্ডার এর মাধ্যমে নিলাম দর প্রস্তাব সহিত জমা দিতে হবে।
১৩.	নিলাম দর প্রস্তাব আহ্বানকারী কর্মকর্তার পদবী ও ফোন নম্বর	প্রধান প্রকৌশলী (ডি এন্ড এম), ডিজাইন এন্ড মনিটরিং বিভাগ, বিআইডব্লিউটিএ, ফোনঃ ০১৯৮৮-১৯১২২২
১৪.	নিলাম দর প্রস্তাব দাখিলের সাথে আবশ্যকীয় কাগজ পত্রাদি জমা প্রদান করতে হবে	১। নিলাম দর প্রস্তাব দলিল ক্রয়ের মূল রশিদ (Money Receipt) প্রদান করতে হবে। ২। দরদাতা প্রতিষ্ঠান হালনাগাদ ট্রেড লাইসেন্স এর সত্যায়িত কপি সংযুক্ত করতে হবে। ৩। দরদাতা প্রতিষ্ঠান Taxpayer's Identification Number (TIN) Certificate দাখিল করতে হবে। ৪। দুই কপি পাসপোর্ট সাইজের ছবি দাখিল করতে হবে। ৫। আর্থিক সক্ষমতার সত্যায়িত প্রমাণক দাখিল করতে হবে।
১৫.	অন্যান্য	কোন রকম কারণ দর্শানো ব্যতিরেকে বিআইডব্লিউটিএ কর্তৃপক্ষ যে কোন অথবা সমস্ত নিলাম দর প্রস্তাব বাতিল বা গ্রহণের ক্ষমতা সংরক্ষণ করেন।
(মেহেদী হাসান)
অতিরিক্ত প্রধান প্রকৌশলী (ডিজি/সিএসই)
ডিজাইন এন্ড মনিটরিং বিভাগ,
বিআইডব্লিউটিএ, ঢাকা
জি-১৭৬৭/২৩ (৬×৩)
